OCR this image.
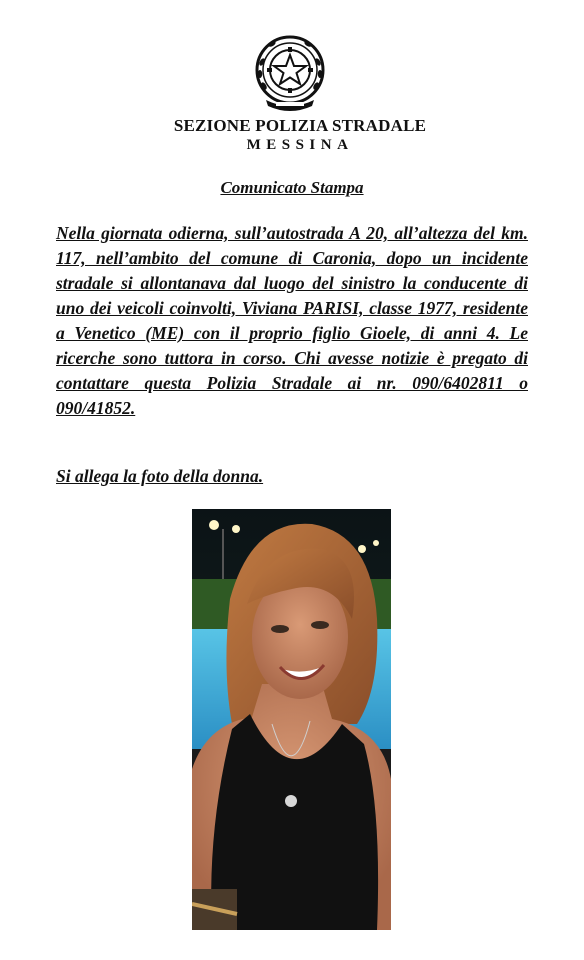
SEZIONE POLIZIA STRADALE
MESSINA
Comunicato Stampa

Nella giornata odierna, sull’autostrada A 20, all’altezza del km. 117, nell’ambito del comune di Caronia, dopo un incidente stradale si allontanava dal luogo del sinistro la conducente di uno dei veicoli coinvolti, Viviana PARISI, classe 1977, residente a Venetico (ME) con il proprio figlio Gioele, di anni 4. Le ricerche sono tuttora in corso. Chi avesse notizie è pregato di contattare questa Polizia Stradale ai nr. 090/6402811 o 090/41852.

Si allega la foto della donna.
